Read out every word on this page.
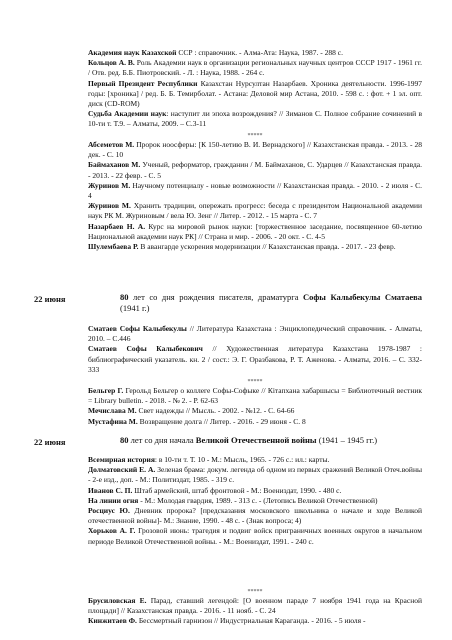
Академия наук Казахской ССР : справочник. - Алма-Ата: Наука, 1987. - 288 с.

Кольцов А. В. Роль Академии наук в организации региональных научных центров СССР 1917 - 1961 гг. / Отв. ред. Б.Б. Пиотровский. - Л. : Наука, 1988. - 264 с.

Первый Президент Республики Казахстан Нурсултан Назарбаев. Хроника деятельности. 1996-1997 годы: [хроника] / ред. Б. Б. Темирболат. - Астана: Деловой мир Астана, 2010. - 598 с. : фот. + 1 эл. опт. диск (CD-ROM)

Судьба Академии наук: наступит ли эпоха возрождения? // Зиманов С. Полное собрание сочинений в 10-ти т. Т.9. – Алматы, 2009. – С.3-11

*****

Абсеметов М. Пророк ноосферы: [К 150-летию В. И. Вернадского] // Казахстанская правда. - 2013. - 28 дек. - С. 10

Баймаханов М. Ученый, реформатор, гражданин / М. Баймаханов, С. Ударцев // Казахстанская правда. - 2013. - 22 февр. - С. 5

Журинов М. Научному потенциалу - новые возможности // Казахстанская правда. - 2010. - 2 июля - С. 4

Журинов М. Хранить традиции, опережать прогресс: беседа с президентом Национальной академии наук РК М. Журиновым / вела Ю. Зенг // Литер. - 2012. - 15 марта - С. 7

Назарбаев Н. А. Курс на мировой рынок науки: [торжественное заседание, посвященное 60-летию Национальной академии наук РК] // Страна и мир. - 2006. - 20 окт. - С. 4-5

Шулембаева Р. В авангарде ускорения модернизации // Казахстанская правда. - 2017. - 23 февр.

22 июня	80 лет со дня рождения писателя, драматурга Софы Калыбекулы Сматаева (1941 г.)

Сматаев Софы Калыбекулы // Литература Казахстана : Энциклопедический справочник. - Алматы, 2010. – С.446

Сматаев Софы Калыбекович // Художественная литература Казахстана 1978-1987 : библиографический указатель. кн. 2 / сост.: Э. Г. Оразбакова, Р. Т. Аженова. - Алматы, 2016. – С. 332-333

*****

Бельгер Г. Герольд Бельгер о коллеге Софы-Софыке // Кітапхана хабаршысы = Библиотечный вестник = Library bulletin. - 2018. - № 2. - Р. 62-63

Мечислава М. Свет надежды // Мысль. - 2002. - №12. - С. 64-66

Мустафина М. Возвращение долга // Литер. - 2016. - 29 июня - С. 8

22 июня	80 лет со дня начала Великой Отечественной войны (1941 – 1945 гг.)

Всемирная история: в 10-ти т. Т. 10 - М.: Мысль, 1965. - 726 с.: ил.: карты.

Долматовский Е. А. Зеленая брама: докум. легенда об одном из первых сражений Великой Отеч.войны - 2-е изд., доп. - М.: Политиздат, 1985. - 319 с.

Иванов С. П. Штаб армейский, штаб фронтовой - М.: Воениздат, 1990. - 480 с.

На линии огня - М.: Молодая гвардия, 1989. - 313 с. - (Летопись Великой Отечественной)

Росциус Ю. Дневник пророка? [предсказания московского школьника о начале и ходе Великой отечественной войны]- М.: Знание, 1990. - 48 с. - (Знак вопроса; 4)

Хорьков А. Г. Грозовой июнь: трагедия и подвиг войск приграничных военных округов в начальном периоде Великой Отечественной войны. - М.: Воениздат, 1991. - 240 с.

*****

Брусиловская Е. Парад, ставший легендой: [О военном параде 7 ноября 1941 года на Красной площади] // Казахстанская правда. - 2016. - 11 нояб. - С. 24

Кинжитаев Ф. Бессмертный гарнизон // Индустриальная Караганда. - 2016. - 5 июля -
